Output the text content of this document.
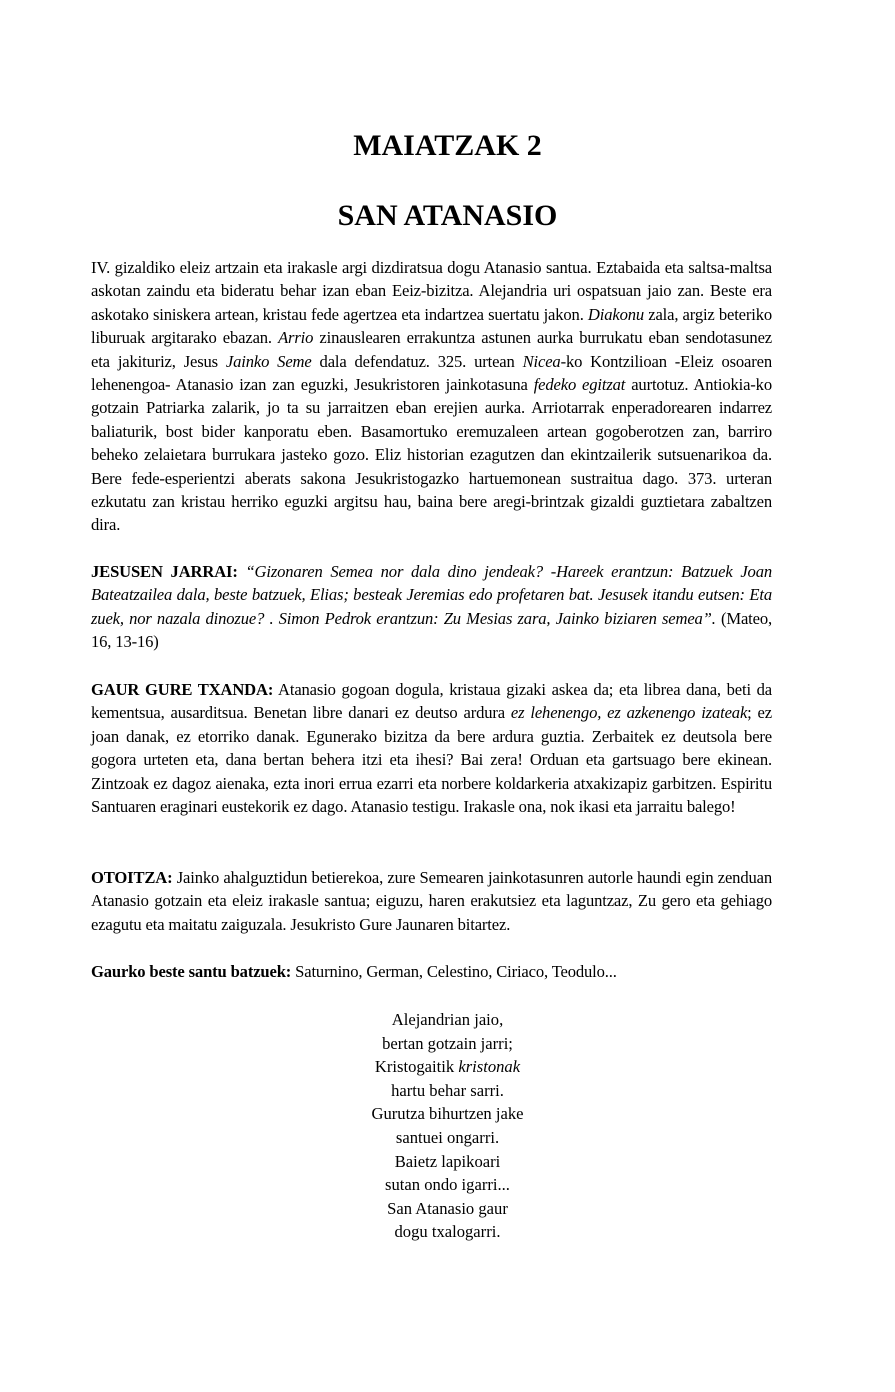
MAIATZAK 2
SAN ATANASIO

IV. gizaldiko eleiz artzain eta irakasle argi dizdiratsua dogu Atanasio santua. Eztabaida eta saltsa-maltsa askotan zaindu eta bideratu behar izan eban Eeiz-bizitza. Alejandria uri ospatsuan jaio zan. Beste era askotako siniskera artean, kristau fede agertzea eta indartzea suertatu jakon. Diakonu zala, argiz beteriko liburuak argitarako ebazan. Arrio zinauslearen errakuntza astunen aurka burrukatu eban sendotasunez eta jakituriz, Jesus Jainko Seme dala defendatuz. 325. urtean Nicea-ko Kontzilioan -Eleiz osoaren lehenengoa- Atanasio izan zan eguzki, Jesukristoren jainkotasuna fedeko egitzat aurtotuz. Antiokia-ko gotzain Patriarka zalarik, jo ta su jarraitzen eban erejien aurka. Arriotarrak enperadorearen indarrez baliaturik, bost bider kanporatu eben. Basamortuko eremuzaleen artean gogoberotzen zan, barriro beheko zelaietara burrukara jasteko gozo. Eliz historian ezagutzen dan ekintzailerik sutsuenarikoa da. Bere fede-esperientzi aberats sakona Jesukristogazko hartuemonean sustraitua dago. 373. urteran ezkutatu zan kristau herriko eguzki argitsu hau, baina bere aregi-brintzak gizaldi guztietara zabaltzen dira.

JESUSEN JARRAI: “Gizonaren Semea nor dala dino jendeak? -Hareek erantzun: Batzuek Joan Bateatzailea dala, beste batzuek, Elias; besteak Jeremias edo profetaren bat. Jesusek itandu eutsen: Eta zuek, nor nazala dinozue? . Simon Pedrok erantzun: Zu Mesias zara, Jainko biziaren semea”. (Mateo, 16, 13-16)

GAUR GURE TXANDA: Atanasio gogoan dogula, kristaua gizaki askea da; eta librea dana, beti da kementsua, ausarditsua. Benetan libre danari ez deutso ardura ez lehenengo, ez azkenengo izateak; ez joan danak, ez etorriko danak. Egunerako bizitza da bere ardura guztia. Zerbaitek ez deutsola bere gogora urteten eta, dana bertan behera itzi eta ihesi? Bai zera! Orduan eta gartsuago bere ekinean. Zintzoak ez dagoz aienaka, ezta inori errua ezarri eta norbere koldarkeria atxakizapiz garbitzen. Espiritu Santuaren eraginari eustekorik ez dago. Atanasio testigu. Irakasle ona, nok ikasi eta jarraitu balego!

OTOITZA: Jainko ahalguztidun betierekoa, zure Semearen jainkotasunren autorle haundi egin zenduan Atanasio gotzain eta eleiz irakasle santua; eiguzu, haren erakutsiez eta laguntzaz, Zu gero eta gehiago ezagutu eta maitatu zaiguzala. Jesukristo Gure Jaunaren bitartez.

Gaurko beste santu batzuek: Saturnino, German, Celestino, Ciriaco, Teodulo...

Alejandrian jaio,
bertan gotzain jarri;
Kristogaitik kristonak
hartu behar sarri.
Gurutza bihurtzen jake
santuei ongarri.
Baietz lapikoari
sutan ondo igarri...
San Atanasio gaur
dogu txalogarri.
